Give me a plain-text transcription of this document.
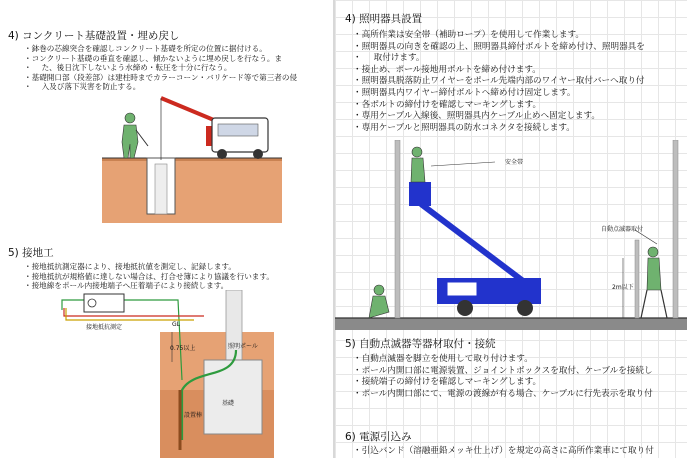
4) コンクリート基礎設置・埋め戻し
・ 鉢巻の芯線突合を確認しコンクリート基礎を所定の位置に据付ける。
・ コンクリート基礎の垂直を確認し、傾かないように埋め戻しを行なう。ま
・ た、後日沈下しないよう水締め・転圧を十分に行なう。
・ 基礎開口部（段差部）は建柱時までカラーコーン・バリケード等で第三者の侵
・ 入及び落下災害を防止する。
5) 接地工
・ 接地抵抗測定器により、接地抵抗値を測定し、記録します。
・ 接地抵抗が規格値に達しない場合は、打合せ簿により協議を行います。
・ 接地線をポール内接地端子へ圧着端子により接続します。
接地抵抗測定	GL
0.75以上	照明ポール
基礎
設置棒
4) 照明器具設置
・ 高所作業は安全帯（補助ロープ）を使用して作業します。
・ 照明器具の向きを確認の上、照明器具締付ボルトを締め付け、照明器具を
・ 取付けます。
・ 接止め、ポール接地用ボルトを締め付けます。
・ 照明器具脱落防止ワイヤーをポール先端内部のワイヤー取付バーへ取り付
・ 照明器具内ワイヤー締付ボルトへ締め付け固定します。
・ 各ボルトの締付けを確認しマーキングします。
・ 専用ケーブル入線後、照明器具内ケーブル止めへ固定します。
・ 専用ケーブルと照明器具の防水コネクタを接続します。
安全帯
自動点滅器取付
2m以下
5) 自動点滅器等器材取付・接続
・ 自動点滅器を脚立を使用して取り付けます。
・ ポール内開口部に電源装置、ジョイントボックスを取付、ケーブルを接続し
・ 接続端子の締付けを確認しマーキングします。
・ ポール内開口部にて、電源の渡線が有る場合、ケーブルに行先表示を取り付
6) 電源引込み
・ 引込バンド（溶融亜鉛メッキ仕上げ）を規定の高さに高所作業車にて取り付
